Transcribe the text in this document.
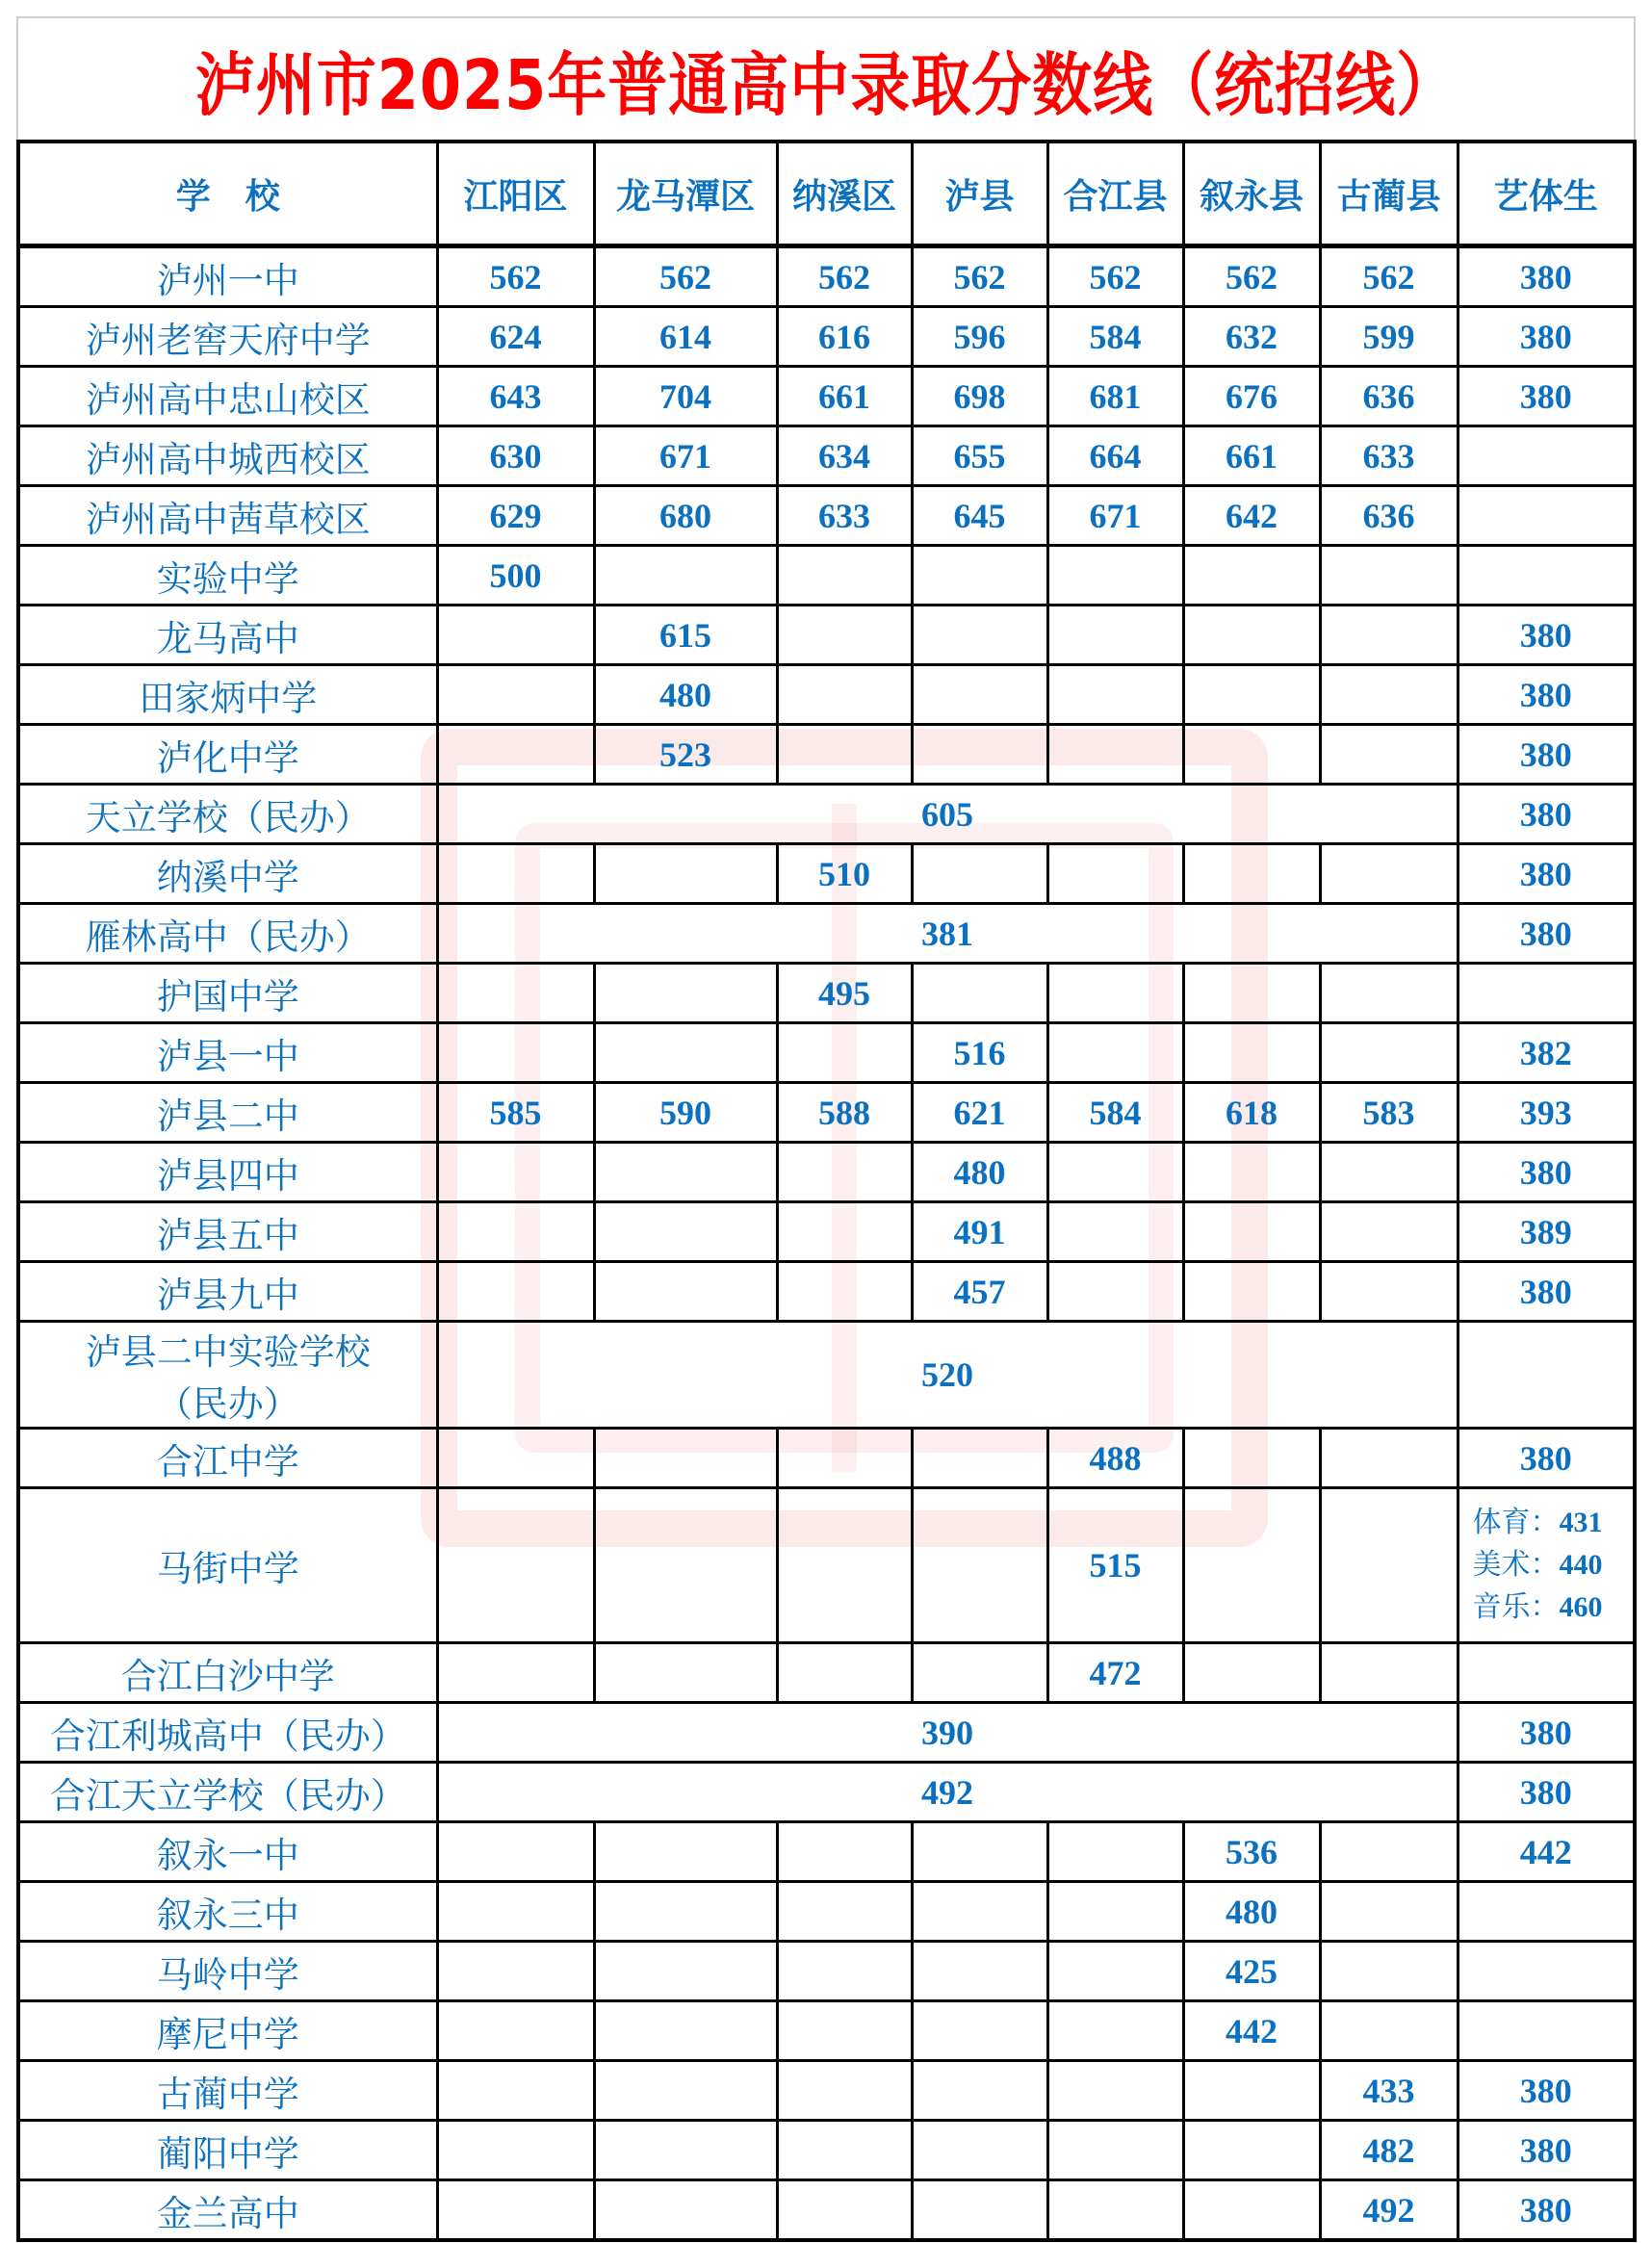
泸州市2025年普通高中录取分数线（统招线）
学　校	江阳区	龙马潭区	纳溪区	泸县	合江县	叙永县	古蔺县	艺体生
泸州一中	562	562	562	562	562	562	562	380
泸州老窖天府中学	624	614	616	596	584	632	599	380
泸州高中忠山校区	643	704	661	698	681	676	636	380
泸州高中城西校区	630	671	634	655	664	661	633	
泸州高中茜草校区	629	680	633	645	671	642	636	
实验中学	500							
龙马高中		615						380
田家炳中学		480						380
泸化中学		523						380
天立学校（民办）	605							380
纳溪中学			510					380
雁林高中（民办）	381							380
护国中学			495					
泸县一中				516				382
泸县二中	585	590	588	621	584	618	583	393
泸县四中				480				380
泸县五中				491				389
泸县九中				457				380

泸县二中实验学校
（民办）	520							
合江中学					488			380
马街中学					515			体育：431
美术：440
音乐：460

合江白沙中学					472			
合江利城高中（民办）	390							380
合江天立学校（民办）	492							380
叙永一中						536		442
叙永三中						480		
马岭中学						425		
摩尼中学						442		
古蔺中学							433	380
蔺阳中学							482	380
金兰高中							492	380
